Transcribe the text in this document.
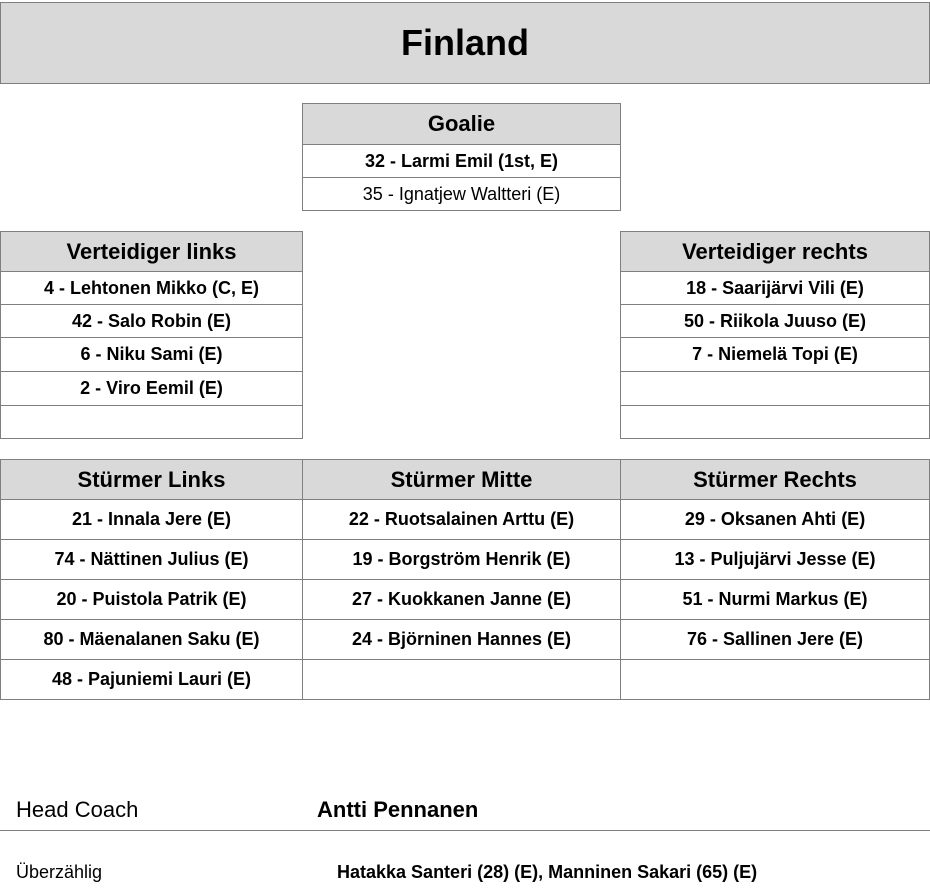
Finland
Goalie
32 - Larmi Emil (1st, E)
35 - Ignatjew Waltteri (E)
Verteidiger links
4 - Lehtonen Mikko (C, E)
42 - Salo Robin (E)
6 - Niku Sami (E)
2 - Viro Eemil (E)
Verteidiger rechts
18 - Saarijärvi Vili (E)
50 - Riikola Juuso (E)
7 - Niemelä Topi (E)
Stürmer Links
21 - Innala Jere (E)
74 - Nättinen Julius (E)
20 - Puistola Patrik (E)
80 - Mäenalanen Saku (E)
48 - Pajuniemi Lauri (E)
Stürmer Mitte
22 - Ruotsalainen Arttu (E)
19 - Borgström Henrik (E)
27 - Kuokkanen Janne (E)
24 - Björninen Hannes (E)
Stürmer Rechts
29 - Oksanen Ahti (E)
13 - Puljujärvi Jesse (E)
51 - Nurmi Markus (E)
76 - Sallinen Jere (E)
Head Coach	Antti Pennanen
Überzählig	Hatakka Santeri (28) (E), Manninen Sakari (65) (E)
